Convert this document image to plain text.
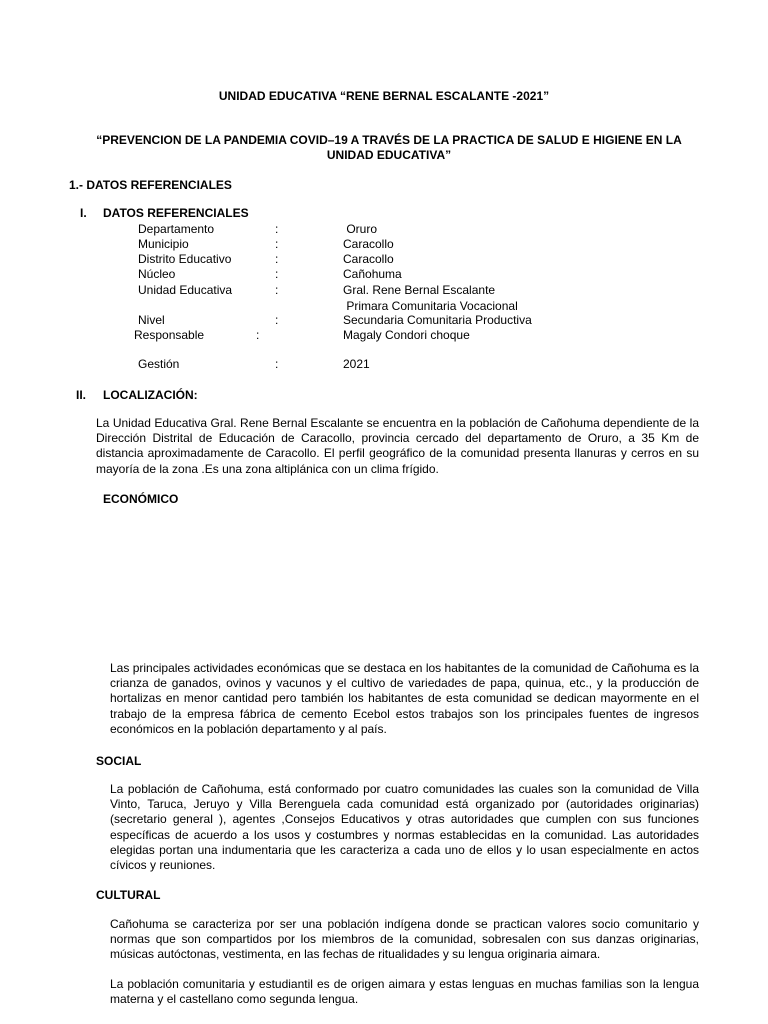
UNIDAD EDUCATIVA “RENE BERNAL ESCALANTE -2021”
“PREVENCION DE LA PANDEMIA COVID–19 A TRAVÉS DE LA PRACTICA DE SALUD E HIGIENE EN LA
UNIDAD EDUCATIVA”
1.- DATOS REFERENCIALES
I. DATOS REFERENCIALES
Departamento	:	Oruro
Municipio	:	Caracollo
Distrito Educativo	:	Caracollo
Núcleo	:	Cañohuma
Unidad Educativa	:	Gral. Rene Bernal Escalante
Primara Comunitaria Vocacional
Nivel	:	Secundaria Comunitaria Productiva
Responsable	:	Magaly Condori choque
Gestión	:	2021
II. LOCALIZACIÓN:
La Unidad Educativa Gral. Rene Bernal Escalante se encuentra en la población de Cañohuma dependiente de la Dirección Distrital de Educación de Caracollo, provincia cercado del departamento de Oruro, a 35 Km de distancia aproximadamente de Caracollo. El perfil geográfico de la comunidad presenta llanuras y cerros en su mayoría de la zona .Es una zona altiplánica con un clima frígido.
ECONÓMICO
Las principales actividades económicas que se destaca en los habitantes de la comunidad de Cañohuma es la crianza de ganados, ovinos y vacunos y el cultivo de variedades de papa, quinua, etc., y la producción de hortalizas en menor cantidad pero también los habitantes de esta comunidad se dedican mayormente en el trabajo de la empresa fábrica de cemento Ecebol estos trabajos son los principales fuentes de ingresos económicos en la población departamento y al país.
SOCIAL
La población de Cañohuma, está conformado por cuatro comunidades las cuales son la comunidad de Villa Vinto, Taruca, Jeruyo y Villa Berenguela cada comunidad está organizado por (autoridades originarias) (secretario general ), agentes ,Consejos Educativos y otras autoridades que cumplen con sus funciones específicas de acuerdo a los usos y costumbres y normas establecidas en la comunidad. Las autoridades elegidas portan una indumentaria que les caracteriza a cada uno de ellos y lo usan especialmente en actos cívicos y reuniones.
CULTURAL
Cañohuma se caracteriza por ser una población indígena donde se practican valores socio comunitario y normas que son compartidos por los miembros de la comunidad, sobresalen con sus danzas originarias, músicas autóctonas, vestimenta, en las fechas de ritualidades y su lengua originaria aimara.
La población comunitaria y estudiantil es de origen aimara y estas lenguas en muchas familias son la lengua materna y el castellano como segunda lengua.
